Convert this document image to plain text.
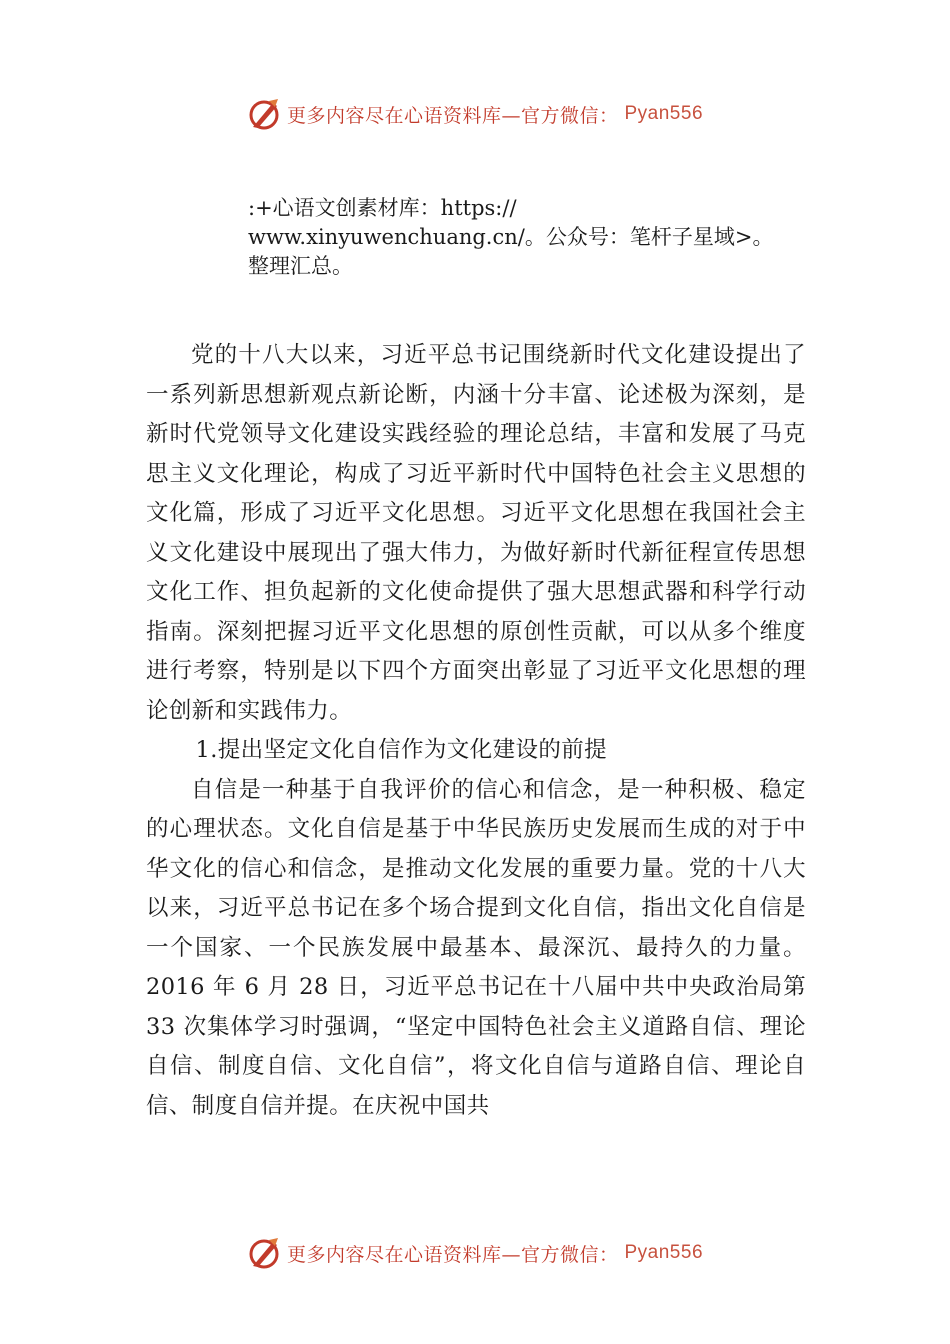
更多内容尽在心语资料库—官方微信： Pyan556
:+心语文创素材库：https://
www.xinyuwenchuang.cn/。公众号：笔杆子星域>。
整理汇总。

党的十八大以来，习近平总书记围绕新时代文化建设提出了一系列新思想新观点新论断，内涵十分丰富、论述极为深刻，是新时代党领导文化建设实践经验的理论总结，丰富和发展了马克思主义文化理论，构成了习近平新时代中国特色社会主义思想的文化篇，形成了习近平文化思想。习近平文化思想在我国社会主义文化建设中展现出了强大伟力，为做好新时代新征程宣传思想文化工作、担负起新的文化使命提供了强大思想武器和科学行动指南。深刻把握习近平文化思想的原创性贡献，可以从多个维度进行考察，特别是以下四个方面突出彰显了习近平文化思想的理论创新和实践伟力。

1.提出坚定文化自信作为文化建设的前提

自信是一种基于自我评价的信心和信念，是一种积极、稳定的心理状态。文化自信是基于中华民族历史发展而生成的对于中华文化的信心和信念，是推动文化发展的重要力量。党的十八大以来，习近平总书记在多个场合提到文化自信，指出文化自信是一个国家、一个民族发展中最基本、最深沉、最持久的力量。2016 年 6 月 28 日，习近平总书记在十八届中共中央政治局第 33 次集体学习时强调，“坚定中国特色社会主义道路自信、理论自信、制度自信、文化自信”，将文化自信与道路自信、理论自信、制度自信并提。在庆祝中国共

更多内容尽在心语资料库—官方微信： Pyan556
